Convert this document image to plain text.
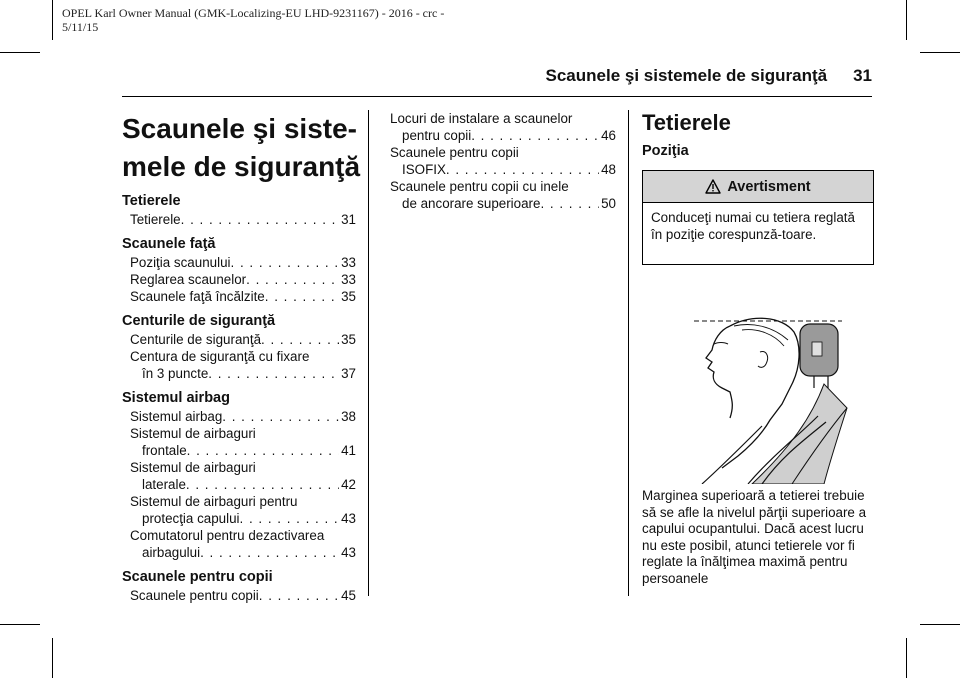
OPEL Karl Owner Manual (GMK-Localizing-EU LHD-9231167) - 2016 - crc -
5/11/15
Scaunele şi sistemele de siguranţă 31
Scaunele şi siste-
mele de siguranţă
Tetierele
Tetierele . . .	31
Scaunele faţă
Poziţia scaunului . . .	33
Reglarea scaunelor . . .	33
Scaunele faţă încălzite . . .	35
Centurile de siguranţă
Centurile de siguranţă . . .	35
Centura de siguranţă cu fixare
în 3 puncte . . .	37
Sistemul airbag
Sistemul airbag . . .	38
Sistemul de airbaguri
frontale . . .	41
Sistemul de airbaguri
laterale . . .	42
Sistemul de airbaguri pentru
protecţia capului . . .	43
Comutatorul pentru dezactivarea
airbagului . . .	43
Scaunele pentru copii
Scaunele pentru copii . . .	45
Locuri de instalare a scaunelor
pentru copii . . .	46
Scaunele pentru copii
ISOFIX . . .	48
Scaunele pentru copii cu inele
de ancorare superioare . . .	50
Tetierele
Poziţia
Avertisment
Conduceţi numai cu tetiera reglată în poziţie corespunză-toare.
Marginea superioară a tetierei trebuie să se afle la nivelul părţii superioare a capului ocupantului. Dacă acest lucru nu este posibil, atunci tetierele vor fi reglate la înălţimea maximă pentru persoanele
